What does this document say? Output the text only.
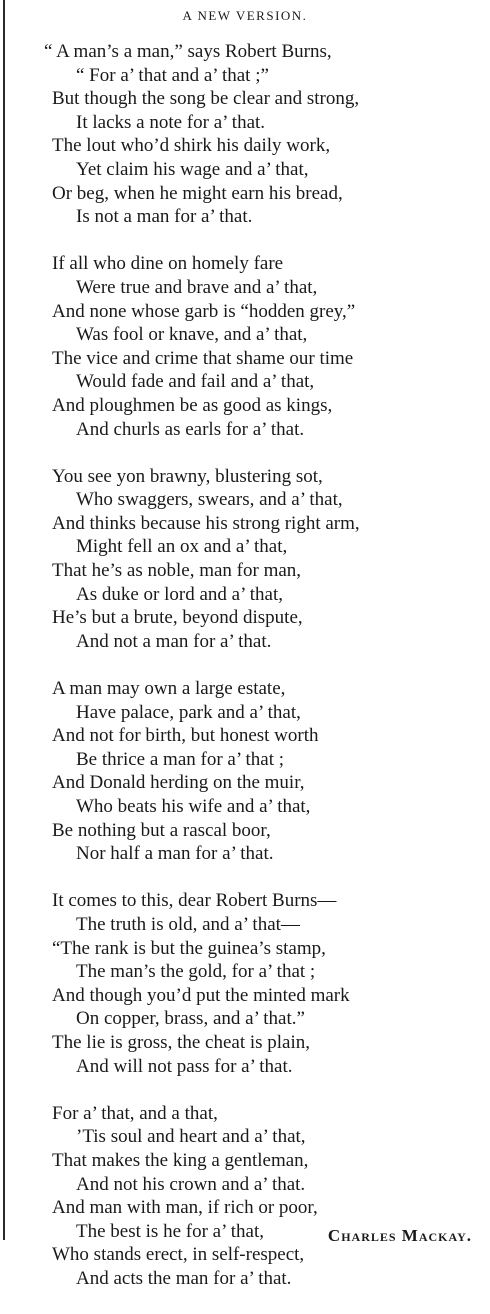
A NEW VERSION.
“ A man’s a man,” says Robert Burns,
“ For a’ that and a’ that ;”
But though the song be clear and strong,
It lacks a note for a’ that.
The lout who’d shirk his daily work,
Yet claim his wage and a’ that,
Or beg, when he might earn his bread,
Is not a man for a’ that.
If all who dine on homely fare
Were true and brave and a’ that,
And none whose garb is “hodden grey,”
Was fool or knave, and a’ that,
The vice and crime that shame our time
Would fade and fail and a’ that,
And ploughmen be as good as kings,
And churls as earls for a’ that.
You see yon brawny, blustering sot,
Who swaggers, swears, and a’ that,
And thinks because his strong right arm,
Might fell an ox and a’ that,
That he’s as noble, man for man,
As duke or lord and a’ that,
He’s but a brute, beyond dispute,
And not a man for a’ that.
A man may own a large estate,
Have palace, park and a’ that,
And not for birth, but honest worth
Be thrice a man for a’ that ;
And Donald herding on the muir,
Who beats his wife and a’ that,
Be nothing but a rascal boor,
Nor half a man for a’ that.
It comes to this, dear Robert Burns—
The truth is old, and a’ that—
“The rank is but the guinea’s stamp,
The man’s the gold, for a’ that ;
And though you’d put the minted mark
On copper, brass, and a’ that.”
The lie is gross, the cheat is plain,
And will not pass for a’ that.
For a’ that, and a that,
’Tis soul and heart and a’ that,
That makes the king a gentleman,
And not his crown and a’ that.
And man with man, if rich or poor,
The best is he for a’ that,
Who stands erect, in self-respect,
And acts the man for a’ that.
Charles Mackay.
